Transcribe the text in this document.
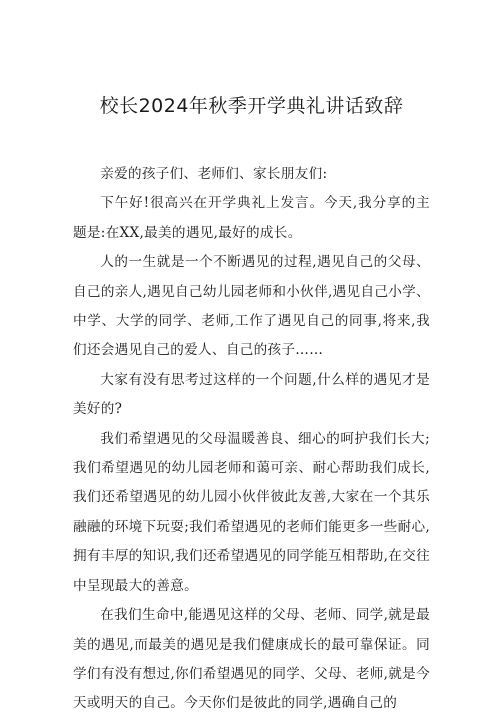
校长2024年秋季开学典礼讲话致辞

亲爱的孩子们、老师们、家长朋友们:

下午好!很高兴在开学典礼上发言。今天,我分享的主题是:在XX,最美的遇见,最好的成长。

人的一生就是一个不断遇见的过程,遇见自己的父母、自己的亲人,遇见自己幼儿园老师和小伙伴,遇见自己小学、中学、大学的同学、老师,工作了遇见自己的同事,将来,我们还会遇见自己的爱人、自己的孩子……

大家有没有思考过这样的一个问题,什么样的遇见才是美好的?

我们希望遇见的父母温暖善良、细心的呵护我们长大;我们希望遇见的幼儿园老师和蔼可亲、耐心帮助我们成长,我们还希望遇见的幼儿园小伙伴彼此友善,大家在一个其乐融融的环境下玩耍;我们希望遇见的老师们能更多一些耐心,拥有丰厚的知识,我们还希望遇见的同学能互相帮助,在交往中呈现最大的善意。

在我们生命中,能遇见这样的父母、老师、同学,就是最美的遇见,而最美的遇见是我们健康成长的最可靠保证。同学们有没有想过,你们希望遇见的同学、父母、老师,就是今天或明天的自己。今天你们是彼此的同学,遇确自己的
